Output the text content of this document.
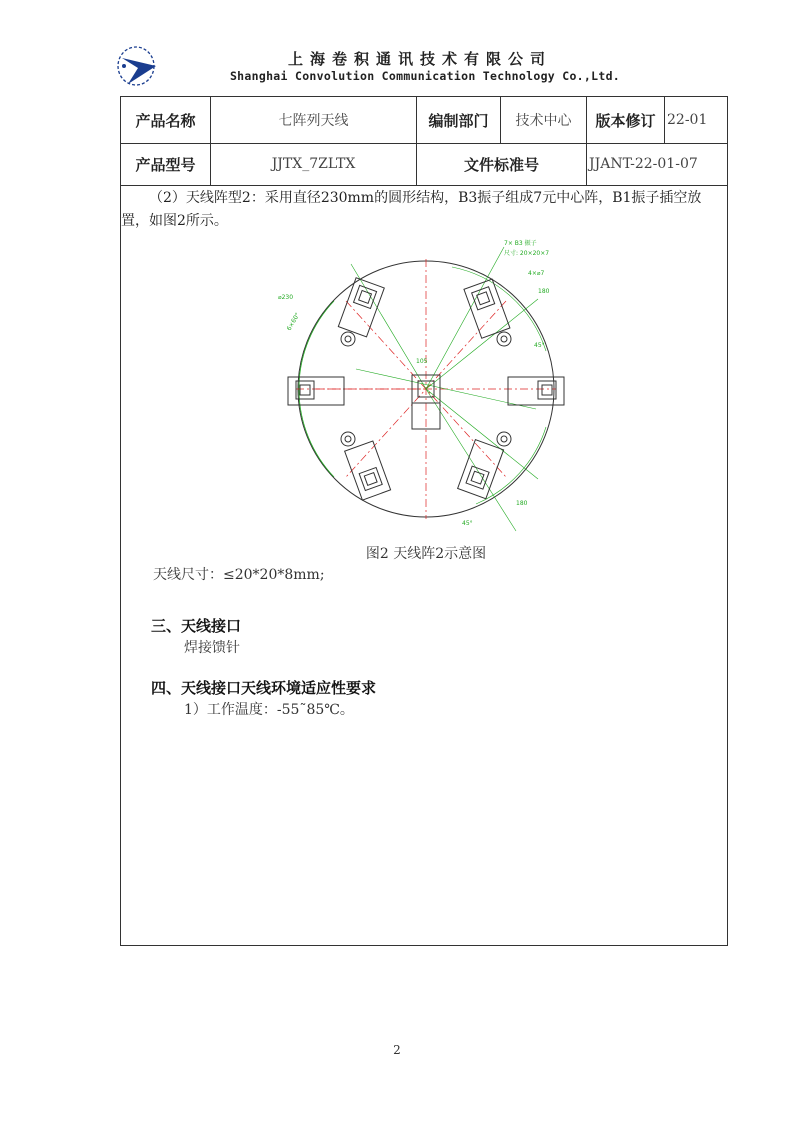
上海卷积通讯技术有限公司
Shanghai Convolution Communication Technology Co.,Ltd.
产品名称	七阵列天线	编制部门	技术中心	版本修订 22-01
产品型号	JJTX_7ZLTX	文件标准号	JJANT-22-01-07
（2）天线阵型2：采用直径230mm的圆形结构，B3振子组成7元中心阵，B1振子插空放置，如图2所示。
⌀230
6×60°
105
7× B3 振子
尺寸: 20×20×7
4×⌀7
180
45°
180
45°
图2 天线阵2示意图
天线尺寸：≤20*20*8mm;
三、天线接口
焊接馈针
四、天线接口天线环境适应性要求
1）工作温度：-55˜85℃。
2
